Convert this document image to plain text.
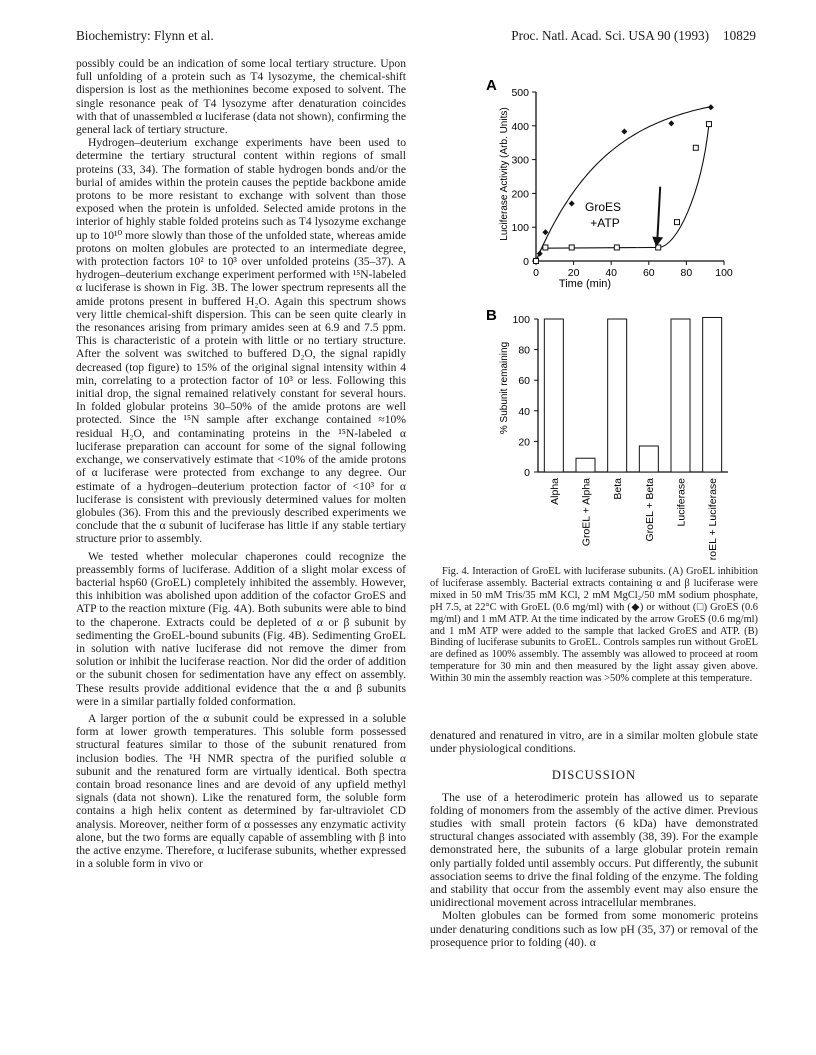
Biochemistry: Flynn et al.	Proc. Natl. Acad. Sci. USA 90 (1993) 10829

possibly could be an indication of some local tertiary structure. Upon full unfolding of a protein such as T4 lysozyme, the chemical-shift dispersion is lost as the methionines become exposed to solvent. The single resonance peak of T4 lysozyme after denaturation coincides with that of unassembled α luciferase (data not shown), confirming the general lack of tertiary structure.

Hydrogen–deuterium exchange experiments have been used to determine the tertiary structural content within regions of small proteins (33, 34). The formation of stable hydrogen bonds and/or the burial of amides within the protein causes the peptide backbone amide protons to be more resistant to exchange with solvent than those exposed when the protein is unfolded. Selected amide protons in the interior of highly stable folded proteins such as T4 lysozyme exchange up to 10¹⁰ more slowly than those of the unfolded state, whereas amide protons on molten globules are protected to an intermediate degree, with protection factors 10² to 10³ over unfolded proteins (35–37). A hydrogen–deuterium exchange experiment performed with ¹⁵N-labeled α luciferase is shown in Fig. 3B. The lower spectrum represents all the amide protons present in buffered H₂O. Again this spectrum shows very little chemical-shift dispersion. This can be seen quite clearly in the resonances arising from primary amides seen at 6.9 and 7.5 ppm. This is characteristic of a protein with little or no tertiary structure. After the solvent was switched to buffered D₂O, the signal rapidly decreased (top figure) to 15% of the original signal intensity within 4 min, correlating to a protection factor of 10³ or less. Following this initial drop, the signal remained relatively constant for several hours. In folded globular proteins 30–50% of the amide protons are well protected. Since the ¹⁵N sample after exchange contained ≈10% residual H₂O, and contaminating proteins in the ¹⁵N-labeled α luciferase preparation can account for some of the signal following exchange, we conservatively estimate that <10% of the amide protons of α luciferase were protected from exchange to any degree. Our estimate of a hydrogen–deuterium protection factor of <10³ for α luciferase is consistent with previously determined values for molten globules (36). From this and the previously described experiments we conclude that the α subunit of luciferase has little if any stable tertiary structure prior to assembly.

We tested whether molecular chaperones could recognize the preassembly forms of luciferase. Addition of a slight molar excess of bacterial hsp60 (GroEL) completely inhibited the assembly. However, this inhibition was abolished upon addition of the cofactor GroES and ATP to the reaction mixture (Fig. 4A). Both subunits were able to bind to the chaperone. Extracts could be depleted of α or β subunit by sedimenting the GroEL-bound subunits (Fig. 4B). Sedimenting GroEL in solution with native luciferase did not remove the dimer from solution or inhibit the luciferase reaction. Nor did the order of addition or the subunit chosen for sedimentation have any effect on assembly. These results provide additional evidence that the α and β subunits were in a similar partially folded conformation.

A larger portion of the α subunit could be expressed in a soluble form at lower growth temperatures. This soluble form possessed structural features similar to those of the subunit renatured from inclusion bodies. The ¹H NMR spectra of the purified soluble α subunit and the renatured form are virtually identical. Both spectra contain broad resonance lines and are devoid of any upfield methyl signals (data not shown). Like the renatured form, the soluble form contains a high helix content as determined by far-ultraviolet CD analysis. Moreover, neither form of α possesses any enzymatic activity alone, but the two forms are equally capable of assembling with β into the active enzyme. Therefore, α luciferase subunits, whether expressed in a soluble form in vivo or

A
Luciferase Activity (Arb. Units)
Time (min)
GroES
+ATP
0
100
200
300
400
500
0	20 40 60 80 100
B
% Subunit remaining
0
20
40
60
80
100
Alpha GroEL + Alpha Beta GroEL + Beta Luciferase GroEL + Luciferase

Fig. 4. Interaction of GroEL with luciferase subunits. (A) GroEL inhibition of luciferase assembly. Bacterial extracts containing α and β luciferase were mixed in 50 mM Tris/35 mM KCl, 2 mM MgCl₂/50 mM sodium phosphate, pH 7.5, at 22°C with GroEL (0.6 mg/ml) with (◆) or without (□) GroES (0.6 mg/ml) and 1 mM ATP. At the time indicated by the arrow GroES (0.6 mg/ml) and 1 mM ATP were added to the sample that lacked GroES and ATP. (B) Binding of luciferase subunits to GroEL. Controls samples run without GroEL are defined as 100% assembly. The assembly was allowed to proceed at room temperature for 30 min and then measured by the light assay given above. Within 30 min the assembly reaction was >50% complete at this temperature.

denatured and renatured in vitro, are in a similar molten globule state under physiological conditions.

DISCUSSION

The use of a heterodimeric protein has allowed us to separate folding of monomers from the assembly of the active dimer. Previous studies with small protein factors (6 kDa) have demonstrated structural changes associated with assembly (38, 39). For the example demonstrated here, the subunits of a large globular protein remain only partially folded until assembly occurs. Put differently, the subunit association seems to drive the final folding of the enzyme. The folding and stability that occur from the assembly event may also ensure the unidirectional movement across intracellular membranes.

Molten globules can be formed from some monomeric proteins under denaturing conditions such as low pH (35, 37) or removal of the prosequence prior to folding (40). α
